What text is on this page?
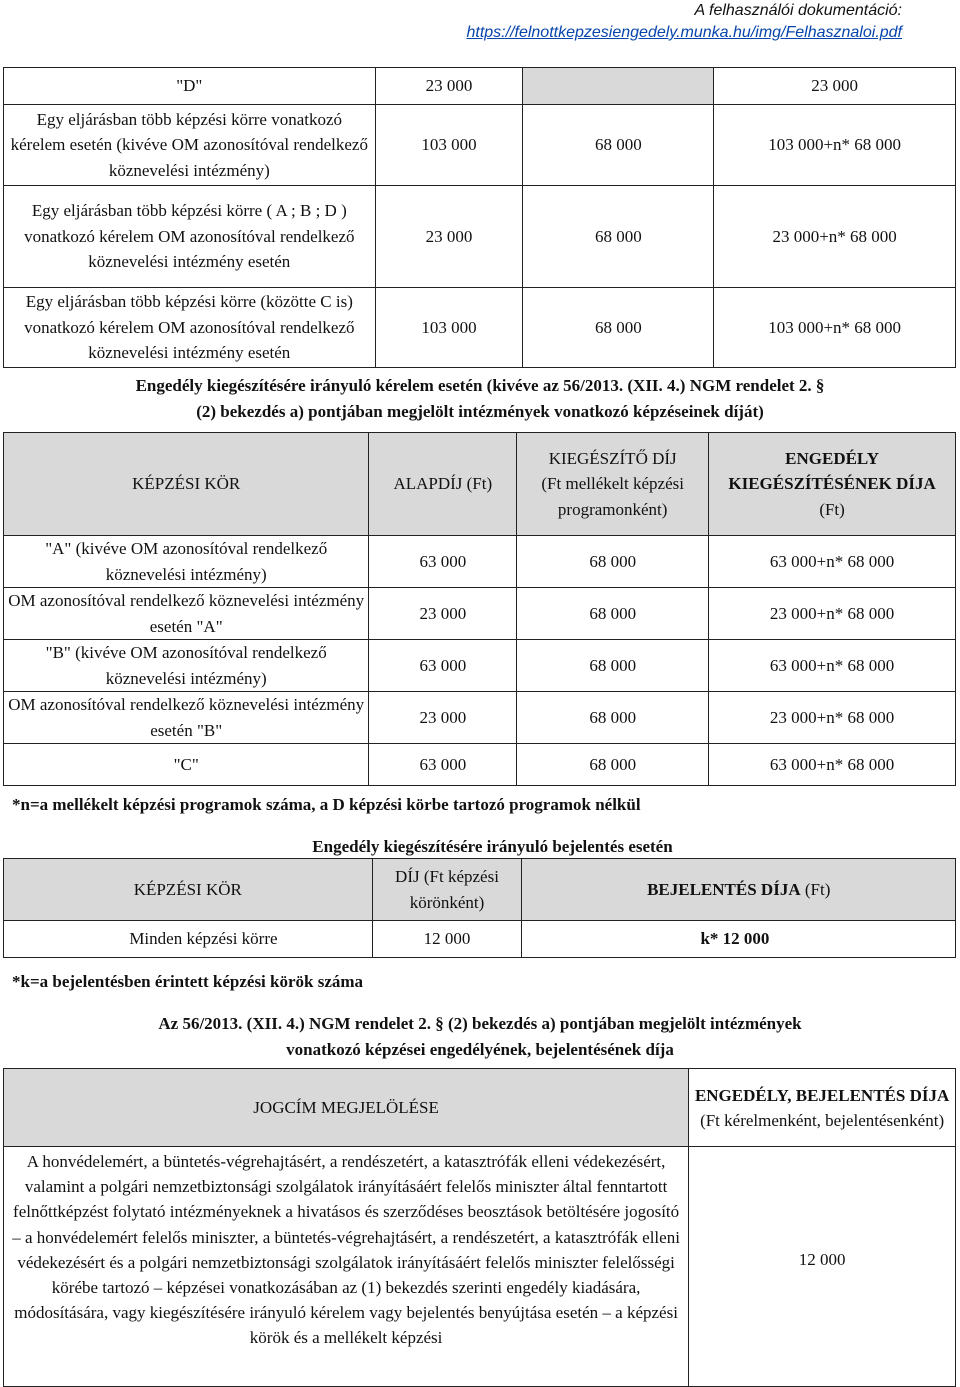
A felhasználói dokumentáció:
https://felnottkepzesiengedely.munka.hu/img/Felhasznaloi.pdf
"D"	23 000		23 000
Egy eljárásban több képzési körre vonatkozó kérelem esetén (kivéve OM azonosítóval rendelkező köznevelési intézmény)	103 000	68 000	103 000+n* 68 000
Egy eljárásban több képzési körre ( A ; B ; D ) vonatkozó kérelem OM azonosítóval rendelkező köznevelési intézmény esetén	23 000	68 000	23 000+n* 68 000
Egy eljárásban több képzési körre (közötte C is) vonatkozó kérelem OM azonosítóval rendelkező köznevelési intézmény esetén	103 000	68 000	103 000+n* 68 000
Engedély kiegészítésére irányuló kérelem esetén (kivéve az 56/2013. (XII. 4.) NGM rendelet 2. §
(2) bekezdés a) pontjában megjelölt intézmények vonatkozó képzéseinek díját)
KÉPZÉSI KÖR	ALAPDÍJ (Ft)	KIEGÉSZÍTŐ DÍJ (Ft mellékelt képzési programonként)	ENGEDÉLY KIEGÉSZÍTÉSÉNEK DÍJA
(Ft)
"A" (kivéve OM azonosítóval rendelkező köznevelési intézmény)	63 000	68 000	63 000+n* 68 000
OM azonosítóval rendelkező köznevelési intézmény esetén "A"	23 000	68 000	23 000+n* 68 000
"B" (kivéve OM azonosítóval rendelkező köznevelési intézmény)	63 000	68 000	63 000+n* 68 000
OM azonosítóval rendelkező köznevelési intézmény esetén "B"	23 000	68 000	23 000+n* 68 000
"C"	63 000	68 000	63 000+n* 68 000
*n=a mellékelt képzési programok száma, a D képzési körbe tartozó programok nélkül
Engedély kiegészítésére irányuló bejelentés esetén
KÉPZÉSI KÖR	DÍJ (Ft képzési körönként)	BEJELENTÉS DÍJA (Ft)
Minden képzési körre	12 000	k* 12 000
*k=a bejelentésben érintett képzési körök száma
Az 56/2013. (XII. 4.) NGM rendelet 2. § (2) bekezdés a) pontjában megjelölt intézmények
vonatkozó képzései engedélyének, bejelentésének díja
JOGCÍM MEGJELÖLÉSE	ENGEDÉLY, BEJELENTÉS DÍJA (Ft kérelmenként, bejelentésenként)
A honvédelemért, a büntetés-végrehajtásért, a rendészetért, a katasztrófák elleni védekezésért, valamint a polgári nemzetbiztonsági szolgálatok irányításáért felelős miniszter által fenntartott felnőttképzést folytató intézményeknek a hivatásos és szerződéses beosztások betöltésére jogosító – a honvédelemért felelős miniszter, a büntetés-végrehajtásért, a rendészetért, a katasztrófák elleni védekezésért és a polgári nemzetbiztonsági szolgálatok irányításáért felelős miniszter felelősségi körébe tartozó – képzései vonatkozásában az (1) bekezdés szerinti engedély kiadására, módosítására, vagy kiegészítésére irányuló kérelem vagy bejelentés benyújtása esetén – a képzési körök és a mellékelt képzési	12 000
